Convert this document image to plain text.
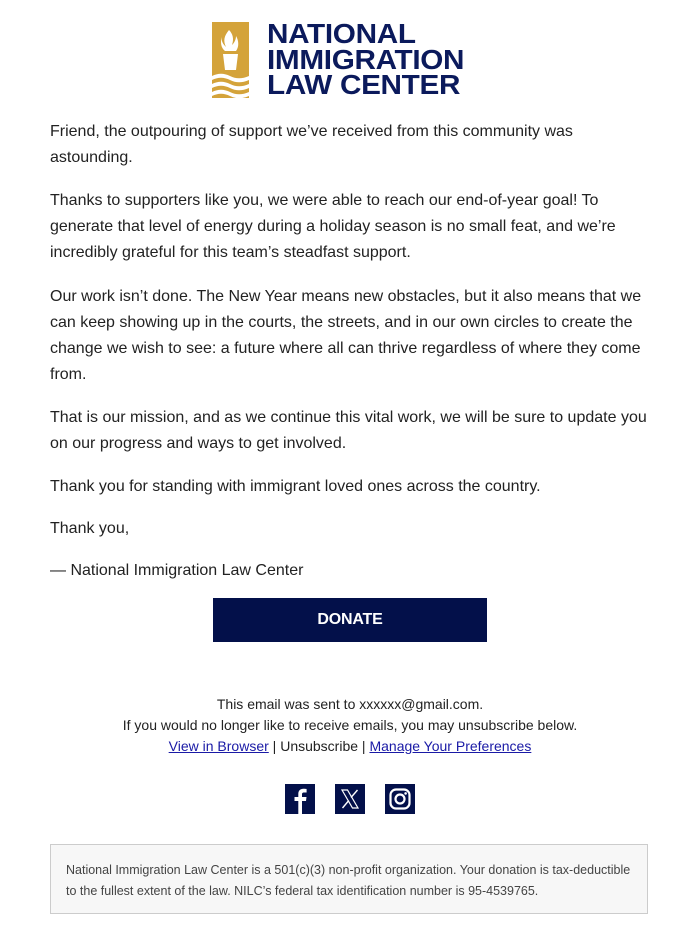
NATIONAL
IMMIGRATION
LAW CENTER

Friend, the outpouring of support we’ve received from this community was astounding.

Thanks to supporters like you, we were able to reach our end-of-year goal! To generate that level of energy during a holiday season is no small feat, and we’re incredibly grateful for this team’s steadfast support.

Our work isn’t done. The New Year means new obstacles, but it also means that we can keep showing up in the courts, the streets, and in our own circles to create the change we wish to see: a future where all can thrive regardless of where they come from.

That is our mission, and as we continue this vital work, we will be sure to update you on our progress and ways to get involved.

Thank you for standing with immigrant loved ones across the country.

Thank you,

— National Immigration Law Center

DONATE
This email was sent to xxxxxx@gmail.com.
If you would no longer like to receive emails, you may unsubscribe below.
View in Browser | Unsubscribe | Manage Your Preferences
National Immigration Law Center is a 501(c)(3) non-profit organization. Your donation is tax-deductible to the fullest extent of the law. NILC’s federal tax identification number is 95-4539765.
